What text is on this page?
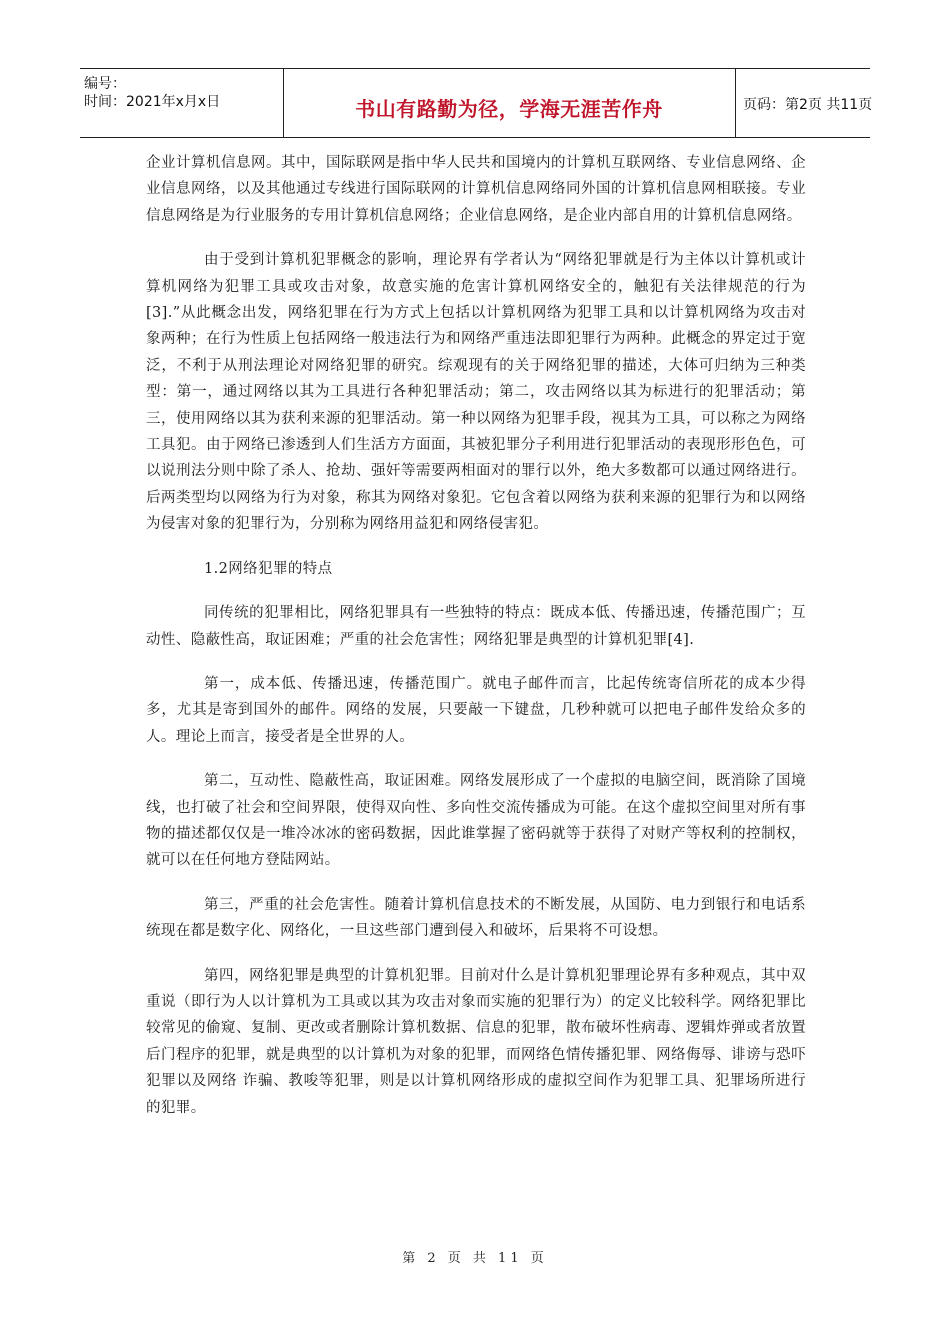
编号：
时间：2021年x月x日	书山有路勤为径，学海无涯苦作舟	页码：第2页 共11页

企业计算机信息网。其中，国际联网是指中华人民共和国境内的计算机互联网络、专业信息网络、企业信息网络，以及其他通过专线进行国际联网的计算机信息网络同外国的计算机信息网相联接。专业信息网络是为行业服务的专用计算机信息网络；企业信息网络，是企业内部自用的计算机信息网络。

由于受到计算机犯罪概念的影响，理论界有学者认为“网络犯罪就是行为主体以计算机或计算机网络为犯罪工具或攻击对象，故意实施的危害计算机网络安全的，触犯有关法律规范的行为[3].”从此概念出发，网络犯罪在行为方式上包括以计算机网络为犯罪工具和以计算机网络为攻击对象两种；在行为性质上包括网络一般违法行为和网络严重违法即犯罪行为两种。此概念的界定过于宽泛，不利于从刑法理论对网络犯罪的研究。综观现有的关于网络犯罪的描述，大体可归纳为三种类型：第一，通过网络以其为工具进行各种犯罪活动；第二，攻击网络以其为标进行的犯罪活动；第三，使用网络以其为获利来源的犯罪活动。第一种以网络为犯罪手段，视其为工具，可以称之为网络工具犯。由于网络已渗透到人们生活方方面面，其被犯罪分子利用进行犯罪活动的表现形形色色，可以说刑法分则中除了杀人、抢劫、强奸等需要两相面对的罪行以外，绝大多数都可以通过网络进行。后两类型均以网络为行为对象，称其为网络对象犯。它包含着以网络为获利来源的犯罪行为和以网络为侵害对象的犯罪行为，分别称为网络用益犯和网络侵害犯。

1.2网络犯罪的特点

同传统的犯罪相比，网络犯罪具有一些独特的特点：既成本低、传播迅速，传播范围广；互动性、隐蔽性高，取证困难；严重的社会危害性；网络犯罪是典型的计算机犯罪[4].

第一，成本低、传播迅速，传播范围广。就电子邮件而言，比起传统寄信所花的成本少得多，尤其是寄到国外的邮件。网络的发展，只要敲一下键盘，几秒种就可以把电子邮件发给众多的人。理论上而言，接受者是全世界的人。

第二，互动性、隐蔽性高，取证困难。网络发展形成了一个虚拟的电脑空间，既消除了国境线，也打破了社会和空间界限，使得双向性、多向性交流传播成为可能。在这个虚拟空间里对所有事物的描述都仅仅是一堆冷冰冰的密码数据，因此谁掌握了密码就等于获得了对财产等权利的控制权，就可以在任何地方登陆网站。

第三，严重的社会危害性。随着计算机信息技术的不断发展，从国防、电力到银行和电话系统现在都是数字化、网络化，一旦这些部门遭到侵入和破坏，后果将不可设想。

第四，网络犯罪是典型的计算机犯罪。目前对什么是计算机犯罪理论界有多种观点，其中双重说（即行为人以计算机为工具或以其为攻击对象而实施的犯罪行为）的定义比较科学。网络犯罪比较常见的偷窥、复制、更改或者删除计算机数据、信息的犯罪，散布破坏性病毒、逻辑炸弹或者放置后门程序的犯罪，就是典型的以计算机为对象的犯罪，而网络色情传播犯罪、网络侮辱、诽谤与恐吓犯罪以及网络 诈骗、教唆等犯罪，则是以计算机网络形成的虚拟空间作为犯罪工具、犯罪场所进行的犯罪。

第 2 页 共 11 页
